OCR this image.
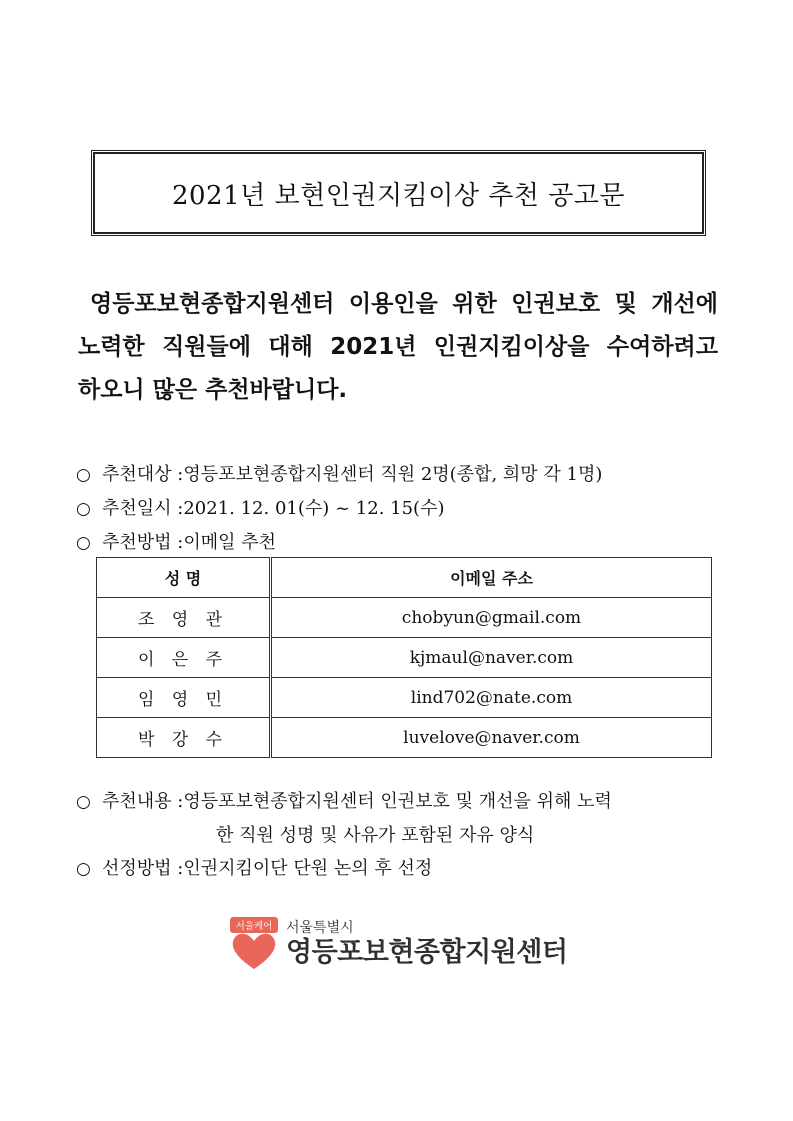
2021년 보현인권지킴이상 추천 공고문

영등포보현종합지원센터 이용인을 위한 인권보호 및 개선에 노력한 직원들에 대해 2021년 인권지킴이상을 수여하려고 하오니 많은 추천바랍니다.

○ 추천대상 : 영등포보현종합지원센터 직원 2명(종합, 희망 각 1명)
○ 추천일시 : 2021. 12. 01(수) ~ 12. 15(수)
○ 추천방법 : 이메일 추천
성 명	이메일 주소
조 영 관	chobyun@gmail.com
이 은 주	kjmaul@naver.com
임 영 민	lind702@nate.com
박 강 수	luvelove@naver.com
○ 추천내용 : 영등포보현종합지원센터 인권보호 및 개선을 위해 노력
한 직원 성명 및 사유가 포함된 자유 양식
○ 선정방법 : 인권지킴이단 단원 논의 후 선정
서울케어 서울특별시
영등포보현종합지원센터
